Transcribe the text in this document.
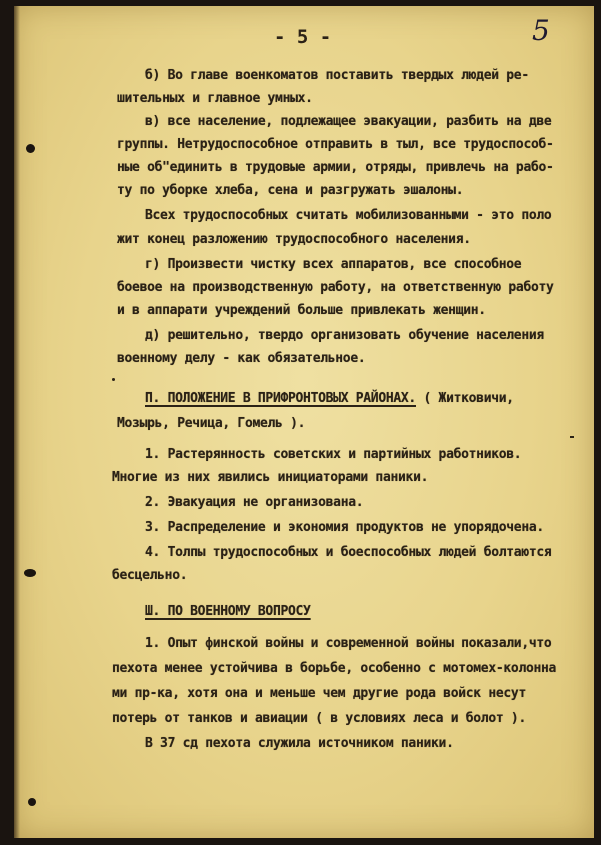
- 5 -	5
б) Во главе военкоматов поставить твердых людей ре-
шительных и главное умных.
в) все население, подлежащее эвакуации, разбить на две
группы. Нетрудоспособное отправить в тыл, все трудоспособ-
ные об"единить в трудовые армии, отряды, привлечь на рабо-
ту по уборке хлеба, сена и разгружать эшалоны.
Всех трудоспособных считать мобилизованными - это поло
жит конец разложению трудоспособного населения.
г) Произвести чистку всех аппаратов, все способное
боевое на производственную работу, на ответственную работу
и в аппарати учреждений больше привлекать женщин.
д) решительно, твердо организовать обучение населения
военному делу - как обязательное.
П. ПОЛОЖЕНИЕ В ПРИФРОНТОВЫХ РАЙОНАХ. ( Житковичи,
Мозырь, Речица, Гомель ).
1. Растерянность советских и партийных работников.
Многие из них явились инициаторами паники.
2. Эвакуация не организована.
3. Распределение и экономия продуктов не упорядочена.
4. Толпы трудоспособных и боеспособных людей болтаются
бесцельно.
Ш. ПО ВОЕННОМУ ВОПРОСУ
1. Опыт финской войны и современной войны показали,что
пехота менее устойчива в борьбе, особенно с мотомех-колонна
ми пр-ка, хотя она и меньше чем другие рода войск несут
потерь от танков и авиации ( в условиях леса и болот ).
В 37 сд пехота служила источником паники.
